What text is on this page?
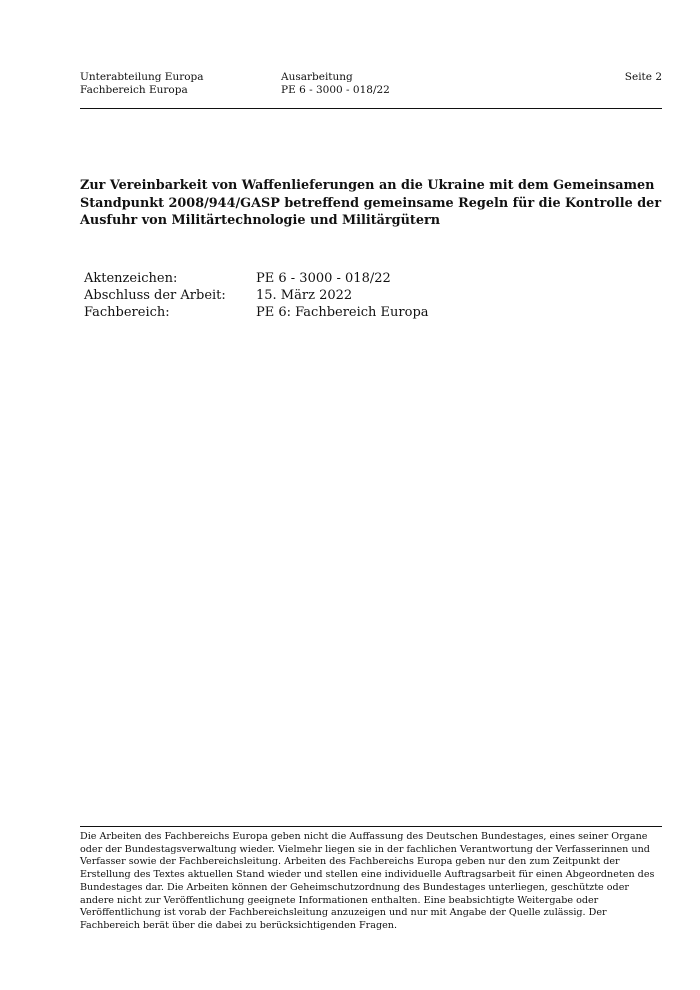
Unterabteilung Europa
Fachbereich Europa
Ausarbeitung
PE 6 - 3000 - 018/22
Seite 2
Zur Vereinbarkeit von Waffenlieferungen an die Ukraine mit dem Gemeinsamen Standpunkt 2008/944/GASP betreffend gemeinsame Regeln für die Kontrolle der Ausfuhr von Militärtechnologie und Militärgütern
Aktenzeichen:	PE 6 - 3000 - 018/22
Abschluss der Arbeit: 15. März 2022
Fachbereich:	PE 6: Fachbereich Europa

Die Arbeiten des Fachbereichs Europa geben nicht die Auffassung des Deutschen Bundestages, eines seiner Organe oder der Bundestagsverwaltung wieder. Vielmehr liegen sie in der fachlichen Verantwortung der Verfasserinnen und Verfasser sowie der Fachbereichsleitung. Arbeiten des Fachbereichs Europa geben nur den zum Zeitpunkt der Erstellung des Textes aktuellen Stand wieder und stellen eine individuelle Auftragsarbeit für einen Abgeordneten des Bundestages dar. Die Arbeiten können der Geheimschutzordnung des Bundestages unterliegen, geschützte oder andere nicht zur Veröffentlichung geeignete Informationen enthalten. Eine beabsichtigte Weitergabe oder Veröffentlichung ist vorab der Fachbereichsleitung anzuzeigen und nur mit Angabe der Quelle zulässig. Der Fachbereich berät über die dabei zu berücksichtigenden Fragen.
